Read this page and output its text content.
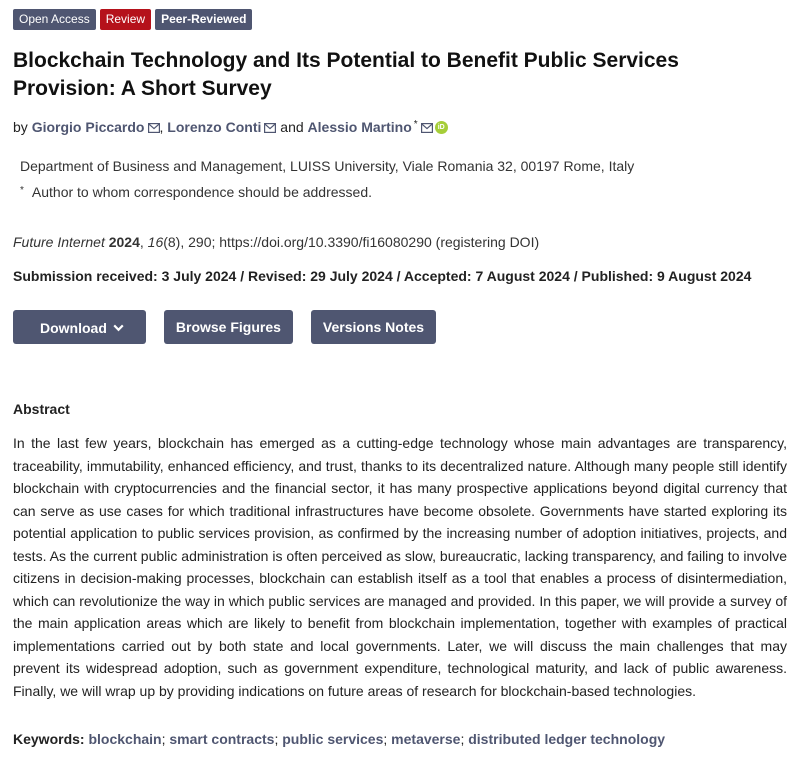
Open Access	Review	Peer-Reviewed
Blockchain Technology and Its Potential to Benefit Public Services Provision: A Short Survey
by Giorgio Piccardo , Lorenzo Conti and Alessio Martino *	iD
Department of Business and Management, LUISS University, Viale Romania 32, 00197 Rome, Italy
* Author to whom correspondence should be addressed.
Future Internet 2024, 16(8), 290; https://doi.org/10.3390/fi16080290 (registering DOI)
Submission received: 3 July 2024 / Revised: 29 July 2024 / Accepted: 7 August 2024 / Published: 9 August 2024
Download	Browse Figures	Versions Notes
Abstract

In the last few years, blockchain has emerged as a cutting-edge technology whose main advantages are transparency, traceability, immutability, enhanced efficiency, and trust, thanks to its decentralized nature. Although many people still identify blockchain with cryptocurrencies and the financial sector, it has many prospective applications beyond digital currency that can serve as use cases for which traditional infrastructures have become obsolete. Governments have started exploring its potential application to public services provision, as confirmed by the increasing number of adoption initiatives, projects, and tests. As the current public administration is often perceived as slow, bureaucratic, lacking transparency, and failing to involve citizens in decision-making processes, blockchain can establish itself as a tool that enables a process of disintermediation, which can revolutionize the way in which public services are managed and provided. In this paper, we will provide a survey of the main application areas which are likely to benefit from blockchain implementation, together with examples of practical implementations carried out by both state and local governments. Later, we will discuss the main challenges that may prevent its widespread adoption, such as government expenditure, technological maturity, and lack of public awareness. Finally, we will wrap up by providing indications on future areas of research for blockchain-based technologies.

Keywords: blockchain; smart contracts; public services; metaverse; distributed ledger technology
